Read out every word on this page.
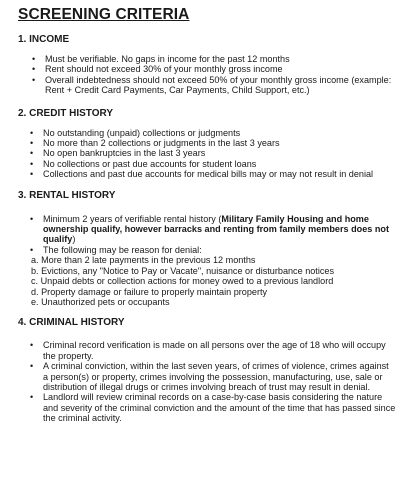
SCREENING CRITERIA
1. INCOME
• Must be verifiable. No gaps in income for the past 12 months
• Rent should not exceed 30% of your monthly gross income
• Overall indebtedness should not exceed 50% of your monthly gross income (example: Rent + Credit Card Payments, Car Payments, Child Support, etc.)
2. CREDIT HISTORY
• No outstanding (unpaid) collections or judgments
• No more than 2 collections or judgments in the last 3 years
• No open bankruptcies in the last 3 years
• No collections or past due accounts for student loans
• Collections and past due accounts for medical bills may or may not result in denial
3. RENTAL HISTORY
• Minimum 2 years of verifiable rental history (Military Family Housing and home ownership qualify, however barracks and renting from family members does not qualify)
• The following may be reason for denial:
a. More than 2 late payments in the previous 12 months
b. Evictions, any "Notice to Pay or Vacate", nuisance or disturbance notices
c. Unpaid debts or collection actions for money owed to a previous landlord
d. Property damage or failure to properly maintain property
e. Unauthorized pets or occupants
4. CRIMINAL HISTORY
• Criminal record verification is made on all persons over the age of 18 who will occupy the property.
• A criminal conviction, within the last seven years, of crimes of violence, crimes against a person(s) or property, crimes involving the possession, manufacturing, use, sale or distribution of illegal drugs or crimes involving breach of trust may result in denial.
• Landlord will review criminal records on a case-by-case basis considering the nature and severity of the criminal conviction and the amount of the time that has passed since the criminal activity.
